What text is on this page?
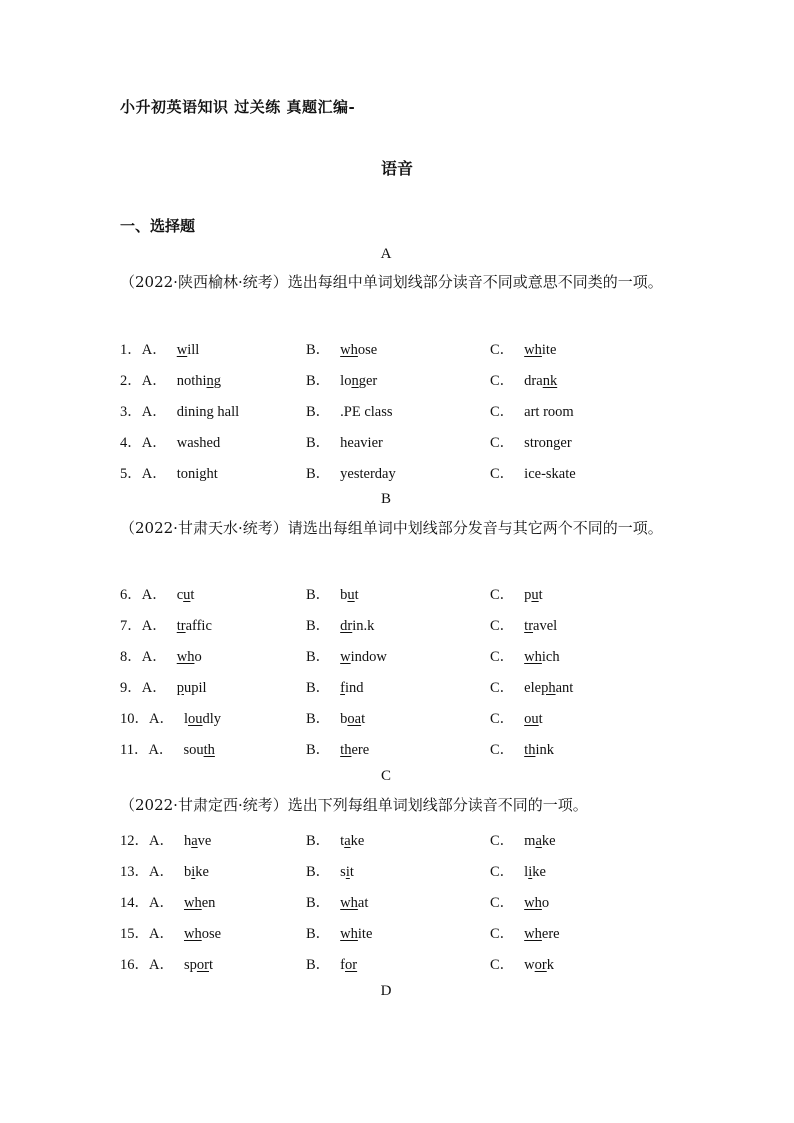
小升初英语知识 过关练 真题汇编-
语音
一、选择题
A
（2022·陕西榆林·统考）选出每组中单词划线部分读音不同或意思不同类的一项。
1．A． will	B． whose	C． white
2．A． nothing	B． longer	C． drank
3．A． dining hall	B． .PE class	C． art room
4．A． washed	B． heavier	C． stronger
5．A． tonight	B． yesterday	C． ice-skate
B
（2022·甘肃天水·统考）请选出每组单词中划线部分发音与其它两个不同的一项。
6．A． cut	B． but	C． put
7．A． traffic	B． drin.k	C． travel
8．A． who	B． window	C． which
9．A． pupil	B． find	C． elephant
10．A． loudly	B． boat	C． out
11．A． south	B． there	C． think
C
（2022·甘肃定西·统考）选出下列每组单词划线部分读音不同的一项。
12．A． have	B． take	C． make
13．A． bike	B． sit	C． like
14．A． when	B． what	C． who
15．A． whose	B． white	C． where
16．A． sport	B． for	C． work
D
